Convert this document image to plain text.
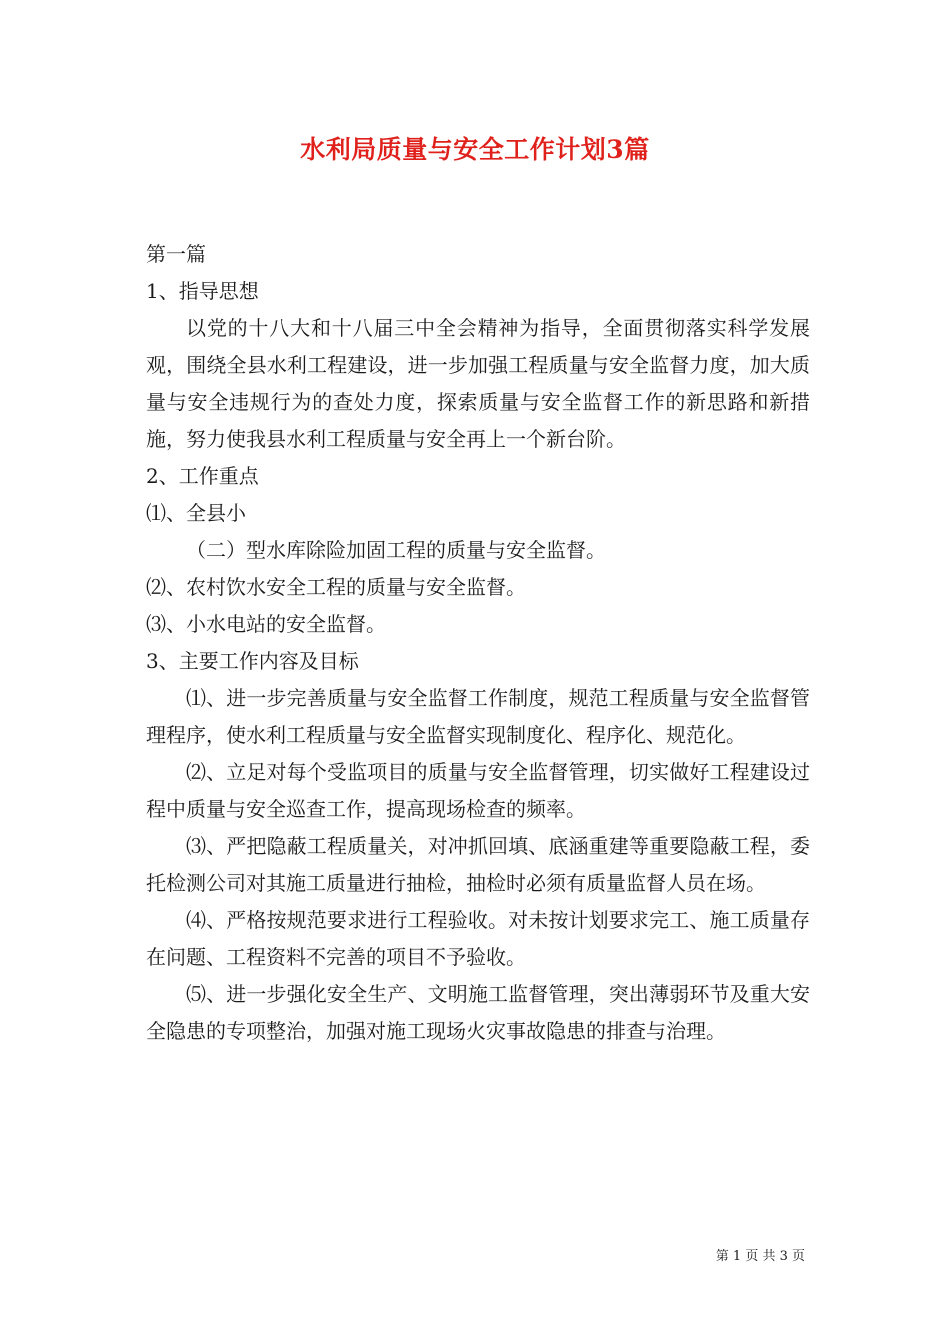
水利局质量与安全工作计划3篇

第一篇

1、指导思想

以党的十八大和十八届三中全会精神为指导，全面贯彻落实科学发展观，围绕全县水利工程建设，进一步加强工程质量与安全监督力度，加大质量与安全违规行为的查处力度，探索质量与安全监督工作的新思路和新措施，努力使我县水利工程质量与安全再上一个新台阶。

2、工作重点

⑴、全县小

（二）型水库除险加固工程的质量与安全监督。

⑵、农村饮水安全工程的质量与安全监督。

⑶、小水电站的安全监督。

3、主要工作内容及目标

⑴、进一步完善质量与安全监督工作制度，规范工程质量与安全监督管理程序，使水利工程质量与安全监督实现制度化、程序化、规范化。

⑵、立足对每个受监项目的质量与安全监督管理，切实做好工程建设过程中质量与安全巡查工作，提高现场检查的频率。

⑶、严把隐蔽工程质量关，对冲抓回填、底涵重建等重要隐蔽工程，委托检测公司对其施工质量进行抽检，抽检时必须有质量监督人员在场。

⑷、严格按规范要求进行工程验收。对未按计划要求完工、施工质量存在问题、工程资料不完善的项目不予验收。

⑸、进一步强化安全生产、文明施工监督管理，突出薄弱环节及重大安全隐患的专项整治，加强对施工现场火灾事故隐患的排查与治理。

第 1 页 共 3 页
